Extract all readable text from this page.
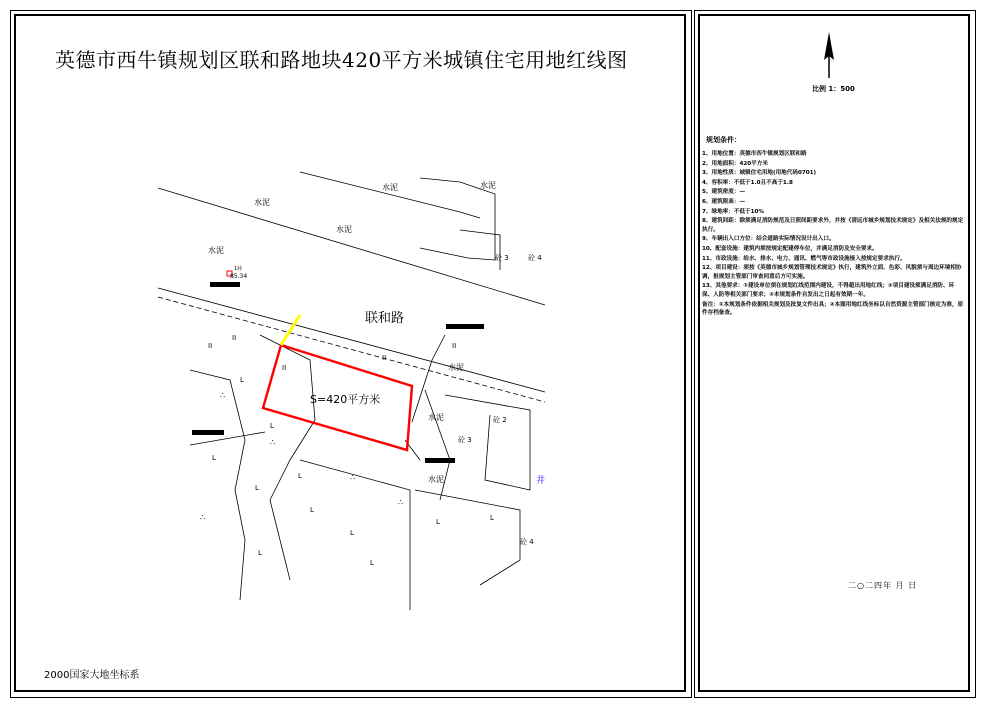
英德市西牛镇规划区联和路地块420平方米城镇住宅用地红线图
联和路
S=420平方米
85.34
1峠
水泥
水泥
水泥
水泥	水泥
水泥
水泥
水泥
砼 3	砼 4
砼 3
砼 4
砼 2
井
L
L
L
L
L
L
L
L
L
L	L
II
II
II
II
II
∴
∴
∴
∴
∴
比例 1：500
规划条件：
1、用地位置：英德市西牛镇规划区联和路
2、用地面积：420平方米
3、用地性质：城镇住宅用地(用地代码0701)
4、容积率：不低于1.0且不高于1.8
5、建筑密度：—
6、建筑限高：—
7、绿地率：不低于10%
8、建筑间距：除须满足消防规范及日照间距要求外，并按《清远市城乡规划技术规定》及相关法规的规定执行。
9、车辆出入口方位：结合道路实际情况设计出入口。
10、配套设施：建筑内须按规定配建停车位，并满足消防及安全要求。
11、市政设施：给水、排水、电力、通讯、燃气等市政设施接入按规定要求执行。
12、项目建设：须按《英德市城乡规划管理技术规定》执行，建筑外立面、色彩、风貌须与周边环境相协调，报规划主管部门审查同意后方可实施。
13、其他要求：①建设单位须在规划红线范围内建设，不得超出用地红线；②项目建设须满足消防、环保、人防等相关部门要求；③本规划条件自发出之日起有效期一年。
备注：①本规划条件依据相关规划及批复文件出具；②本图用地红线坐标以自然资源主管部门核定为准，原件存档备查。
二○二四年 月 日
2000国家大地坐标系
